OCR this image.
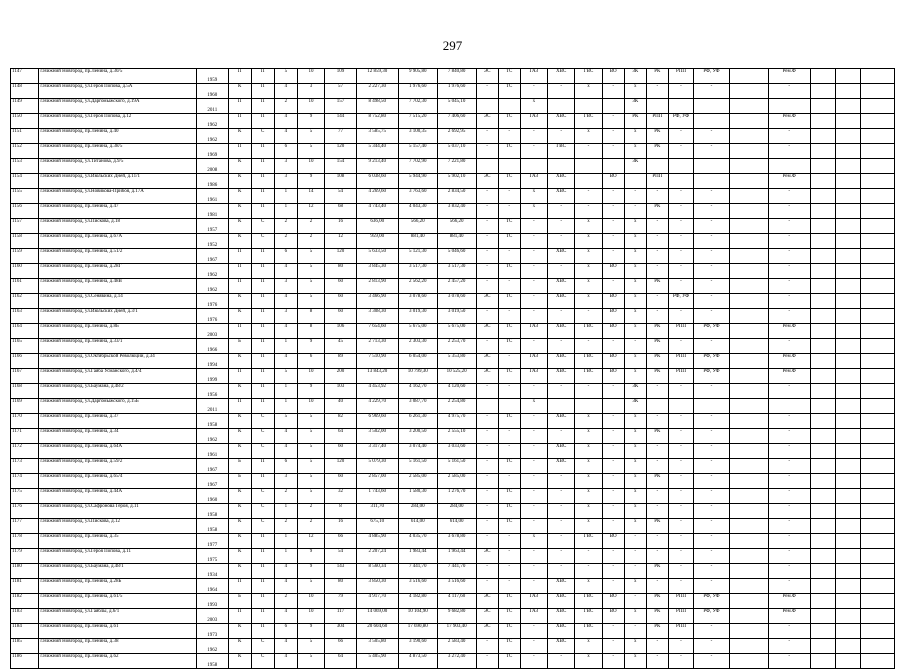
297
1147	г.Нижний Новгород, пр.Ленина, д.30/5	1959	П	П	5	10	109	12 859,30	9 905,80	7 840,80	ЭС	ТС	ГАЗ	ХВС	ГВС	ВО	ЗК	РК	РПП	РФ, УФ		Рем.Ф			
1148	г.Нижний Новгород, ул.Героя Попова, д.5А	1960	К	П	4	3	57	2 227,30	1 976,60	1 976,60	-	ТС	-	-	х	-	х	-	-	-		-			
1149	г.Нижний Новгород, ул.Даргомыжского, д.19А	2011	П	П	2	10	157	8 498,50	7 702,30	5 045,10			х				ЗК								
1150	г.Нижний Новгород, ул.Героя Попова, д.12	1962	П	П	4	9	144	8 752,80	7 515,20	7 406,60	ЭС	ТС	ГАЗ	ХВС	ГВС	-	РК	РПП	РФ, УФ			Рем.Ф			
1151	г.Нижний Новгород, пр.Ленина, д.40	1962	К	С	4	5	77	3 585,75	3 100,35	2 692,95	-	-	-	-	х	-	х	РК	-	-		-			
1152	г.Нижний Новгород, пр.Ленина, д.38/5	1969	П	П	6	5	120	5 344,40	5 157,40	5 037,10	-	ТС	-	ГВС	-	-	х	РК	-	-		-			
1153	г.Нижний Новгород, ул.Титанова, д.9/5	2008	К	П	3	10	154	9 213,40	7 702,90	7 221,80							ЗК								
1154	г.Нижний Новгород, ул.Июльских Дней, д.11/1	1986	К	П	3	9	108	6 038,60	5 944,90	5 902,10	ЭС	ТС	ГАЗ	ХВС		ВО		РПП				Рем.Ф			
1155	г.Нижний Новгород, ул.Новикова-Прибоя, д.17А	1961	К	П	1	14	54	4 269,60	3 763,60	2 834,50	-	-	х	ХВС	-	-	-	-	-	-		-			
1156	г.Нижний Новгород, пр.Ленина, д.47	1981	К	П	1	12	68	4 743,40	4 043,30	3 832,40	-	-	х	-	-	-	-	РК	-	-		-			
1157	г.Нижний Новгород, ул.Пискова, д.18	1957	К	С	2	2	16	636,00	566,20	566,20	-	ТС	-	-	х	-	х	-	-	-		-			
1158	г.Нижний Новгород, пр.Ленина, д.67А	1952	К	С	2	2	12	959,00	881,40	881,40	-	ТС	-	-	х	-	х	-	-	-		-			
1159	г.Нижний Новгород, пр.Ленина, д.51/2	1967	П	П	6	5	120	5 633,50	5 121,30	5 046,60	-	-	-	ХВС	х	-	х	-	-	-		-			
1160	г.Нижний Новгород, пр.Ленина, д.28Г	1962	П	П	4	5	80	3 845,30	3 517,30	3 517,30	-	ТС	-	-	х	ВО	х	-	-	-		-			
1161	г.Нижний Новгород, пр.Ленина, д.48В	1962	П	П	3	5	60	2 813,90	2 562,20	2 457,20	-	-	-	ХВС	х	-	х	РК	-	-		-			
1162	г.Нижний Новгород, ул.Сенявина, д.14	1976	К	П	4	5	60	3 466,90	3 078,60	3 078,60	ЭС	ТС	-	ХВС	х	ВО	х	-	РФ, УФ	-		-			
1163	г.Нижний Новгород, ул.Июльских Дней, д.3/1	1976	К	П	3	8	60	3 308,30	3 019,30	3 019,50	-	-	-	-	-	ВО	х	-	-	-		-			
1164	г.Нижний Новгород, пр.Ленина, д.8Б	2003	П	П	4	8	106	7 654,60	5 675,00	5 675,00	ЭС	ТС	ГАЗ	ХВС	ГВС	ВО	х	РК	РПП	РФ, УФ		Рем.Ф			
1165	г.Нижний Новгород, пр.Ленина, д.33/1	1966	Б	П	1	9	45	2 713,30	2 303,30	2 253,70	-	ТС	-	-	-	-	-	РК	-	-		-			
1166	г.Нижний Новгород, ул.Октябрьской Революции, д.34	1994	К	П	4	6	89	7 510,90	6 054,00	5 353,80	ЭС	-	ГАЗ	ХВС	ГВС	ВО	х	РК	РПП	РФ, УФ		Рем.Ф			
1167	г.Нижний Новгород, ул.Гаяба Усманского, д.4/4	1999	П	П	5	10	200	13 843,20	10 799,30	10 525,20	ЭС	ТС	ГАЗ	ХВС	ГВС	ВО	х	РК	РПП	РФ, УФ		Рем.Ф			
1168	г.Нижний Новгород, ул.Баумана, д.48/2	1956	К	П	1	9	103	4 453,92	4 162,70	4 120,60	-	-	-	-	-	-	ЗК	-	-	-		-			
1169	г.Нижний Новгород, ул.Даргомыжского, д.15Б	2011	П	П	1	10	40	4 229,70	3 087,70	2 254,80			х				ЗК								
1170	г.Нижний Новгород, пр.Ленина, д.37	1958	К	С	5	5	82	6 969,60	6 261,30	4 975,70	-	ТС	-	ХВС	х	-	х	-	-	-		-			
1171	г.Нижний Новгород, пр.Ленина, д.34	1962	К	С	4	5	64	3 502,00	3 200,50	2 555,10	-	-	-	-	х	-	х	РК	-	-		-			
1172	г.Нижний Новгород, пр.Ленина, д.64А	1961	К	С	4	5	60	3 317,40	3 074,40	3 033,60	-	-	-	ХВС	х	-	х	-	-	-		-			
1173	г.Нижний Новгород, пр.Ленина, д.59/2	1967	Б	П	6	5	120	5 079,30	5 161,50	5 161,50	-	ТС	-	ХВС	х	-	х	-	-	-		-			
1174	г.Нижний Новгород, пр.Ленина, д.65/4	1967	Б	П	3	5	60	2 857,00	2 585,00	2 585,00	-	-	-	-	х	-	х	РК	-	-		-			
1175	г.Нижний Новгород, пр.Ленина, д.44А	1960	К	С	2	5	32	1 743,60	1 580,30	1 276,70	-	ТС	-	-	х	-	х	-	-	-		-			
1176	г.Нижний Новгород, ул.Сафронова Героя, д.11	1958	К	С	1	2	8	311,70	284,00	284,00	-	ТС	-	-	х	-	х	-	-	-		-			
1177	г.Нижний Новгород, ул.Пискова, д.12	1958	К	С	2	2	16	675,10	614,00	614,00	-	ТС	-	-	х	-	х	РК	-	-		-			
1178	г.Нижний Новгород, пр.Ленина, д.35	1977	К	П	1	12	66	4 885,90	4 035,70	3 678,80	-	-	х	-	ГВС	ВО	-	-	-	-		-			
1179	г.Нижний Новгород, ул.Героя Попова, д.11	1975	К	П	1	9	54	2 207,24	1 983,44	1 963,44	ЭС	-	-	-	-	-	-	-	-	-		-			
1180	г.Нижний Новгород, ул.Баумана, д.48/1	1934	К	П	4	9	143	8 560,34	7 441,70	7 441,70	-	-	-	-	-	-	-	РК	-	-		-			
1181	г.Нижний Новгород, пр.Ленина, д.28Б	1964	П	П	4	5	80	3 850,30	3 516,60	3 516,60	-	-	-	ХВС	х	-	х	-	-	-		-			
1182	г.Нижний Новгород, пр.Ленина, д.61/5	1993	Б	П	2	10	79	4 917,70	4 182,80	4 117,60	ЭС	ТС	ГАЗ	ХВС	ГВС	ВО	-	РК	РПП	РФ, УФ		Рем.Ф			
1183	г.Нижний Новгород, ул.Гаяблы, д.6/1	2003	П	П	4	10	117	14 069,00	10 104,90	9 682,80	ЭС	ТС	ГАЗ	ХВС	ГВС	ВО	х	РК	РПП	РФ, УФ		Рем.Ф			
1184	г.Нижний Новгород, пр.Ленина, д.61	1973	К	П	6	9	304	20 604,60	17 690,80	17 903,40	ЭС	ТС	-	ХВС	ГВС	-	-	РК	РПП	-		-			
1185	г.Нижний Новгород, пр.Ленина, д.38	1962	К	С	4	5	66	3 505,80	3 190,60	2 583,40	-	ТС	-	ХВС	х	-	х	-	-	-		-			
1186	г.Нижний Новгород, пр.Ленина, д.62	1958	К	С	4	5	64	5 405,90	4 873,50	3 272,40	-	ТС	-	-	х	-	х	-	-	-		-			
